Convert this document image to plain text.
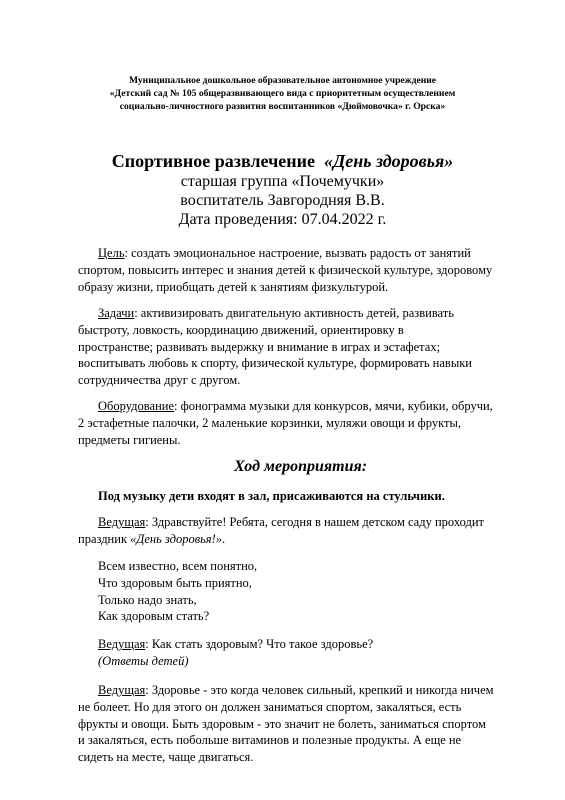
Муниципальное дошкольное образовательное автономное учреждение
«Детский сад № 105 общеразвивающего вида с приоритетным осуществлением
социально-личностного развития воспитанников «Дюймовочка» г. Орска»
Спортивное развлечение «День здоровья»
старшая группа «Почемучки»
воспитатель Завгородняя В.В.
Дата проведения: 07.04.2022 г.
Цель: создать эмоциональное настроение, вызвать радость от занятий
спортом, повысить интерес и знания детей к физической культуре, здоровому
образу жизни, приобщать детей к занятиям физкультурой.
Задачи: активизировать двигательную активность детей, развивать
быстроту, ловкость, координацию движений, ориентировку в
пространстве; развивать выдержку и внимание в играх и эстафетах;
воспитывать любовь к спорту, физической культуре, формировать навыки
сотрудничества друг с другом.
Оборудование: фонограмма музыки для конкурсов, мячи, кубики, обручи,
2 эстафетные палочки, 2 маленькие корзинки, муляжи овощи и фрукты,
предметы гигиены.
Ход мероприятия:
Под музыку дети входят в зал, присаживаются на стульчики.
Ведущая: Здравствуйте! Ребята, сегодня в нашем детском саду проходит
праздник «День здоровья!».
Всем известно, всем понятно,
Что здоровым быть приятно,
Только надо знать,
Как здоровым стать?
Ведущая: Как стать здоровым? Что такое здоровье?
(Ответы детей)
Ведущая: Здоровье - это когда человек сильный, крепкий и никогда ничем
не болеет. Но для этого он должен заниматься спортом, закаляться, есть
фрукты и овощи. Быть здоровым - это значит не болеть, заниматься спортом
и закаляться, есть побольше витаминов и полезные продукты. А еще не
сидеть на месте, чаще двигаться.
